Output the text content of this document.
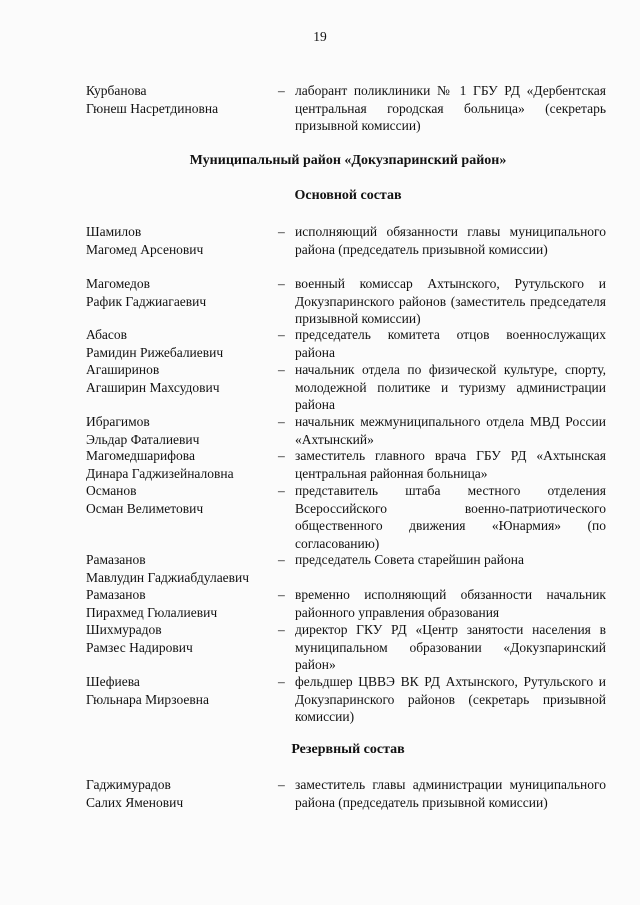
19
Курбанова
Гюнеш Насретдиновна
– лаборант поликлиники № 1 ГБУ РД «Дербентская центральная городская больница» (секретарь призывной комиссии)
Муниципальный район «Докузпаринский район»
Основной состав
Шамилов
Магомед Арсенович
– исполняющий обязанности главы муниципального района (председатель призывной комиссии)
Магомедов
Рафик Гаджиагаевич
– военный комиссар Ахтынского, Рутульского и Докузпаринского районов (заместитель председателя призывной комиссии)
Абасов
Рамидин Рижебалиевич
– председатель комитета отцов военнослужащих района
Агаширинов
Агаширин Махсудович
– начальник отдела по физической культуре, спорту, молодежной политике и туризму администрации района
Ибрагимов
Эльдар Фаталиевич
– начальник межмуниципального отдела МВД России «Ахтынский»
Магомедшарифова
Динара Гаджизейналовна
– заместитель главного врача ГБУ РД «Ахтынская центральная районная больница»
Османов
Осман Велиметович
– представитель штаба местного отделения Всероссийского военно-патриотического общественного движения «Юнармия» (по согласованию)
Рамазанов
Мавлудин Гаджиабдулаевич
– председатель Совета старейшин района
Рамазанов
Пирахмед Гюлалиевич
– временно исполняющий обязанности начальник районного управления образования
Шихмурадов
Рамзес Надирович
– директор ГКУ РД «Центр занятости населения в муниципальном образовании «Докузпаринский район»
Шефиева
Гюльнара Мирзоевна
– фельдшер ЦВВЭ ВК РД Ахтынского, Рутульского и Докузпаринского районов (секретарь призывной комиссии)
Резервный состав
Гаджимурадов
Салих Яменович
– заместитель главы администрации муниципального района (председатель призывной комиссии)
